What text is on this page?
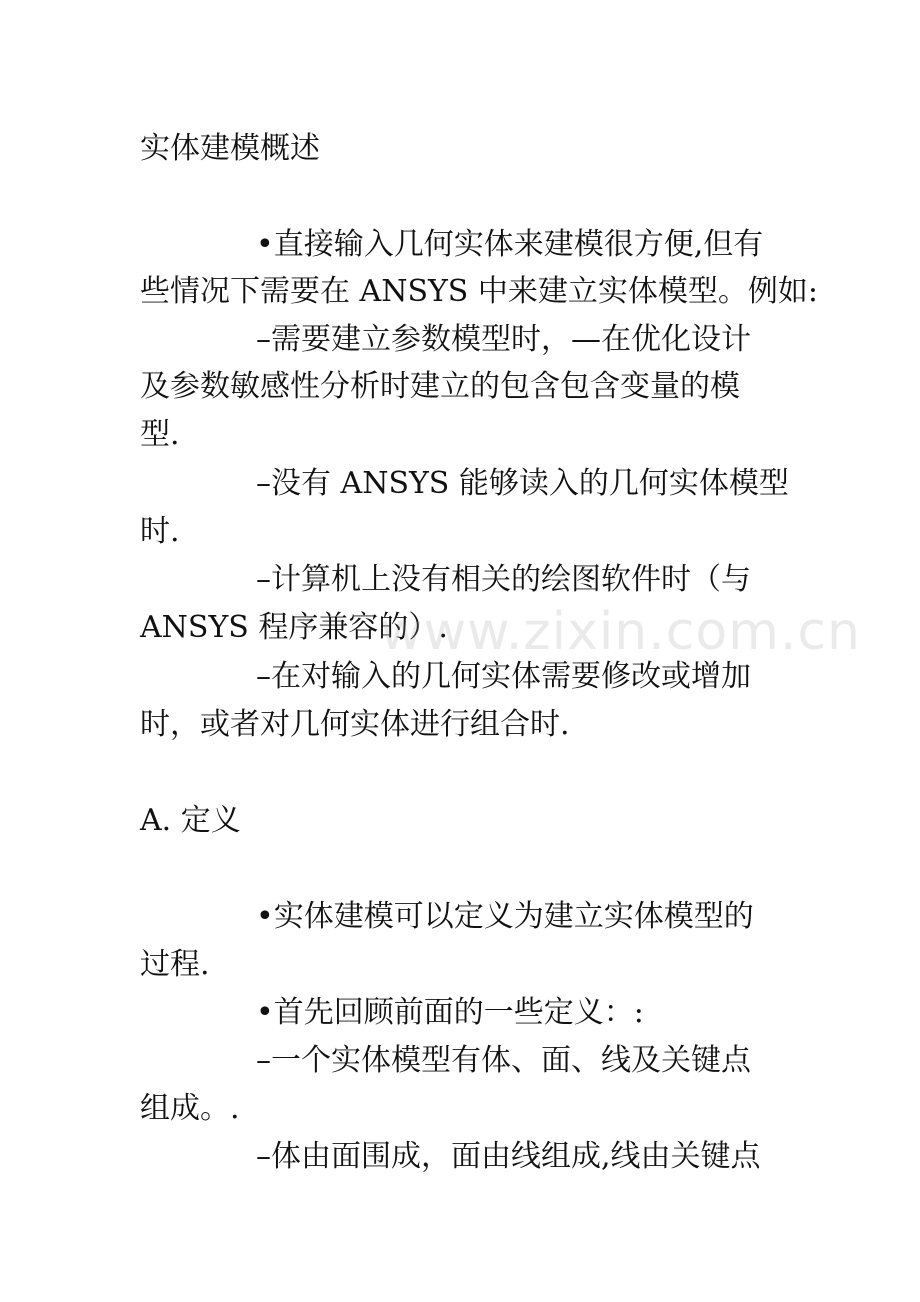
实体建模概述
•直接输入几何实体来建模很方便,但有
些情况下需要在 ANSYS 中来建立实体模型。例如:
–需要建立参数模型时，—在优化设计
及参数敏感性分析时建立的包含包含变量的模
型.
–没有 ANSYS 能够读入的几何实体模型
时.
–计算机上没有相关的绘图软件时（与
ANSYS 程序兼容的）.
–在对输入的几何实体需要修改或增加
时，或者对几何实体进行组合时.
A. 定义
•实体建模可以定义为建立实体模型的
过程.
•首先回顾前面的一些定义：:
–一个实体模型有体、面、线及关键点
组成。.
–体由面围成，面由线组成,线由关键点
www.zixin.com.cn
